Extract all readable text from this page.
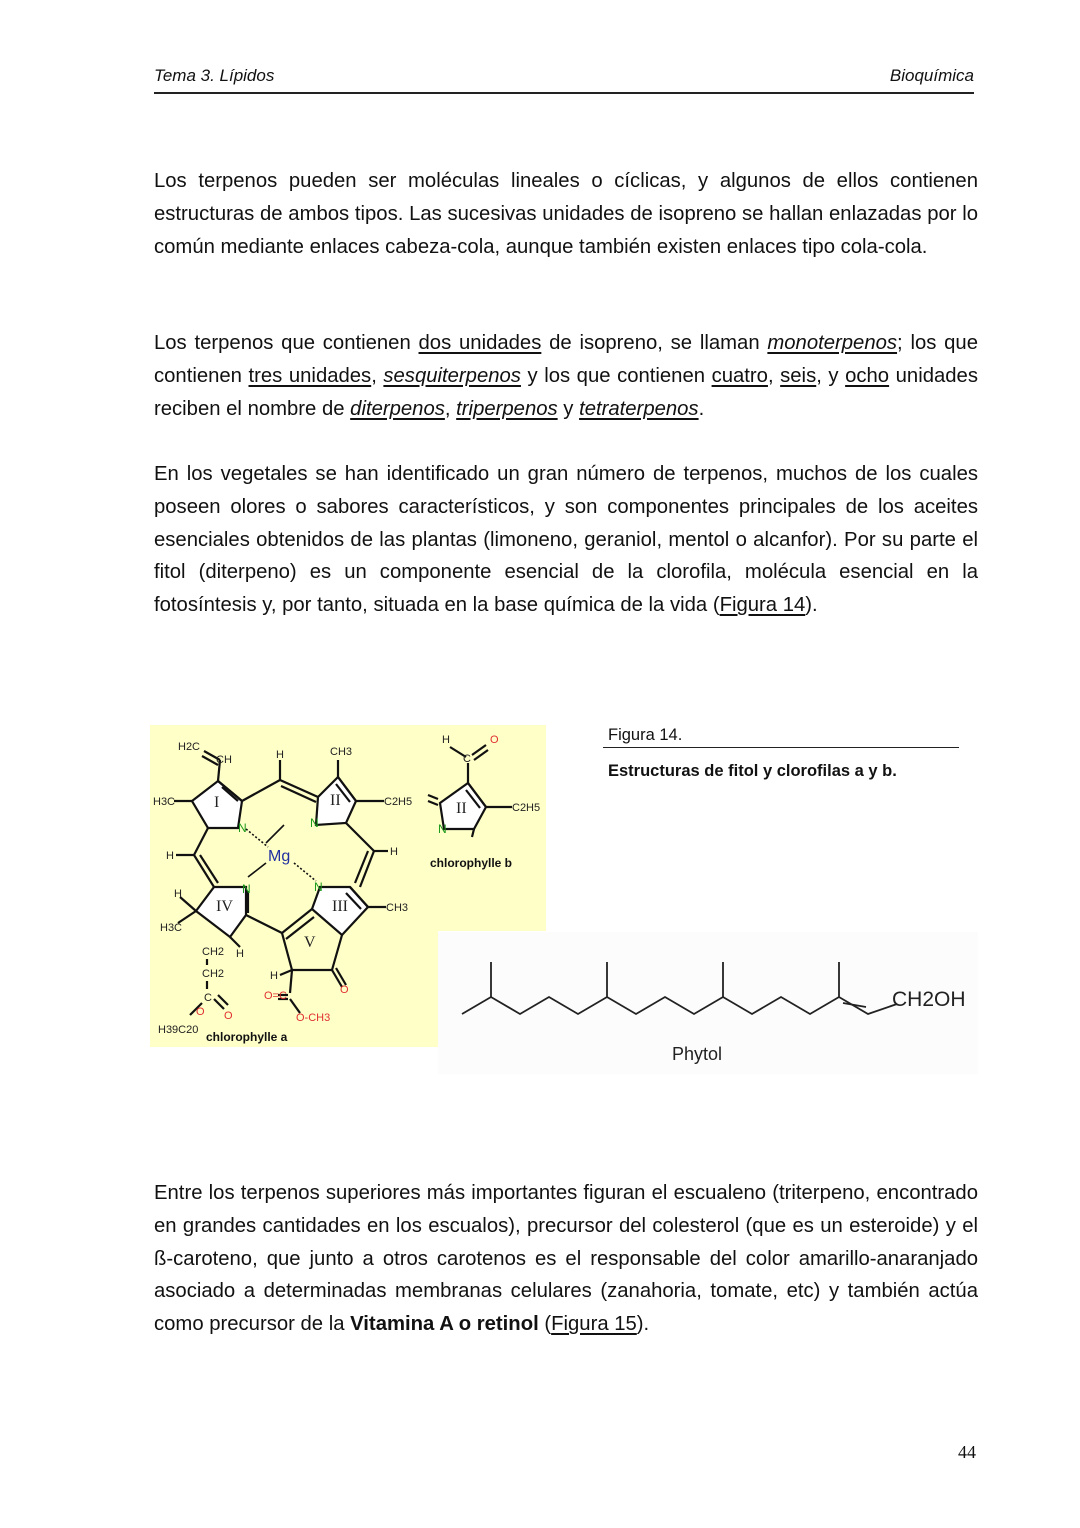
Tema 3. Lípidos	Bioquímica
Los terpenos pueden ser moléculas lineales o cíclicas, y algunos de ellos contienen estructuras de ambos tipos. Las sucesivas unidades de isopreno se hallan enlazadas por lo común mediante enlaces cabeza-cola, aunque también existen enlaces tipo cola-cola.
Los terpenos que contienen dos unidades de isopreno, se llaman monoterpenos; los que contienen tres unidades, sesquiterpenos y los que contienen cuatro, seis, y ocho unidades reciben el nombre de diterpenos, triperpenos y tetraterpenos.
En los vegetales se han identificado un gran número de terpenos, muchos de los cuales poseen olores o sabores característicos, y son componentes principales de los aceites esenciales obtenidos de las plantas (limoneno, geraniol, mentol o alcanfor). Por su parte el fitol (diterpeno) es un componente esencial de la clorofila, molécula esencial en la fotosíntesis y, por tanto, situada en la base química de la vida (Figura 14).
H2C
CH
H3C
H	CH3
C2H5
H	H
CH3
H
H3C
CH2 H
CH2
C
H
H39C20
O O
O=C
O-CH3
O
N	N
N	N
Mg
I	II
III
IV
V
chlorophylle a
H
C
O
C2H5
N
II
chlorophylle b
CH2OH
Phytol
Figura 14.
Estructuras de fitol y clorofilas a y b.
Entre los terpenos superiores más importantes figuran el escualeno (triterpeno, encontrado en grandes cantidades en los escualos), precursor del colesterol (que es un esteroide) y el ß-caroteno, que junto a otros carotenos es el responsable del color amarillo-anaranjado asociado a determinadas membranas celulares (zanahoria, tomate, etc) y también actúa como precursor de la Vitamina A o retinol (Figura 15).
44
